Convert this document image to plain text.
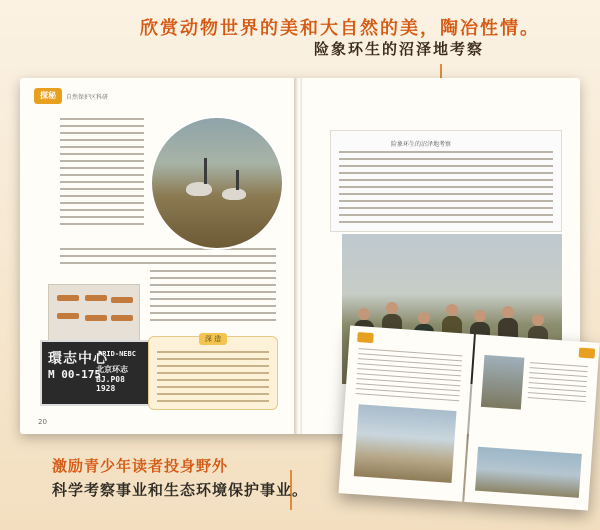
欣赏动物世界的美和大自然的美，陶冶性情。
险象环生的沼泽地考察
探秘	自然保护区科研
環志中心
PRID-NEBC
M 00-175
北京环志
BJ.P08 1928
深 造
20
险象环生的沼泽地考察
激励青少年读者投身野外
科学考察事业和生态环境保护事业。
